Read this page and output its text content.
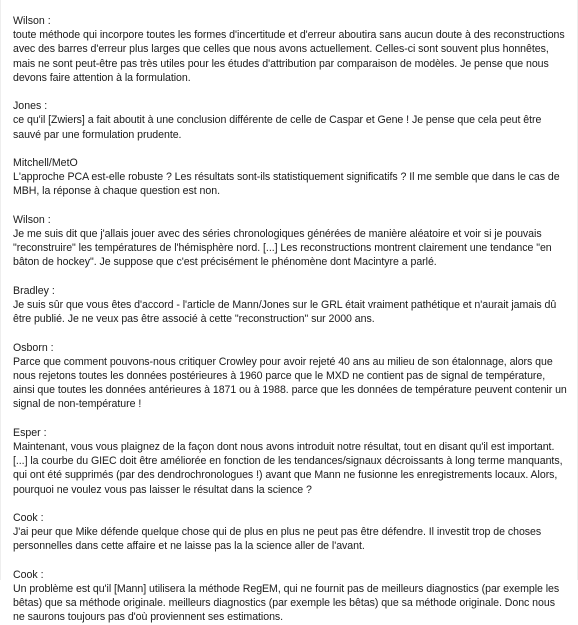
Wilson :
toute méthode qui incorpore toutes les formes d'incertitude et d'erreur aboutira sans aucun doute à des reconstructions avec des barres d'erreur plus larges que celles que nous avons actuellement. Celles-ci sont souvent plus honnêtes, mais ne sont peut-être pas très utiles pour les études d'attribution par comparaison de modèles. Je pense que nous devons faire attention à la formulation.
Jones :
ce qu'il [Zwiers] a fait aboutit à une conclusion différente de celle de Caspar et Gene ! Je pense que cela peut être sauvé par une formulation prudente.
Mitchell/MetO
L'approche PCA est-elle robuste ? Les résultats sont-ils statistiquement significatifs ? Il me semble que dans le cas de MBH, la réponse à chaque question est non.
Wilson :
Je me suis dit que j'allais jouer avec des séries chronologiques générées de manière aléatoire et voir si je pouvais "reconstruire" les températures de l'hémisphère nord. [...] Les reconstructions montrent clairement une tendance "en bâton de hockey". Je suppose que c'est précisément le phénomène dont Macintyre a parlé.
Bradley :
Je suis sûr que vous êtes d'accord - l'article de Mann/Jones sur le GRL était vraiment pathétique et n'aurait jamais dû être publié. Je ne veux pas être associé à cette "reconstruction" sur 2000 ans.
Osborn :
Parce que comment pouvons-nous critiquer Crowley pour avoir rejeté 40 ans au milieu de son étalonnage, alors que nous rejetons toutes les données postérieures à 1960 parce que le MXD ne contient pas de signal de température, ainsi que toutes les données antérieures à 1871 ou à 1988. parce que les données de température peuvent contenir un signal de non-température !
Esper :
Maintenant, vous vous plaignez de la façon dont nous avons introduit notre résultat, tout en disant qu'il est important. [...] la courbe du GIEC doit être améliorée en fonction de les tendances/signaux décroissants à long terme manquants, qui ont été supprimés (par des dendrochronologues !) avant que Mann ne fusionne les enregistrements locaux. Alors, pourquoi ne voulez vous pas laisser le résultat dans la science ?
Cook :
J'ai peur que Mike défende quelque chose qui de plus en plus ne peut pas être défendre. Il investit trop de choses personnelles dans cette affaire et ne laisse pas la la science aller de l'avant.
Cook :
Un problème est qu'il [Mann] utilisera la méthode RegEM, qui ne fournit pas de meilleurs diagnostics (par exemple les bêtas) que sa méthode originale. meilleurs diagnostics (par exemple les bêtas) que sa méthode originale. Donc nous ne saurons toujours pas d'où proviennent ses estimations.
